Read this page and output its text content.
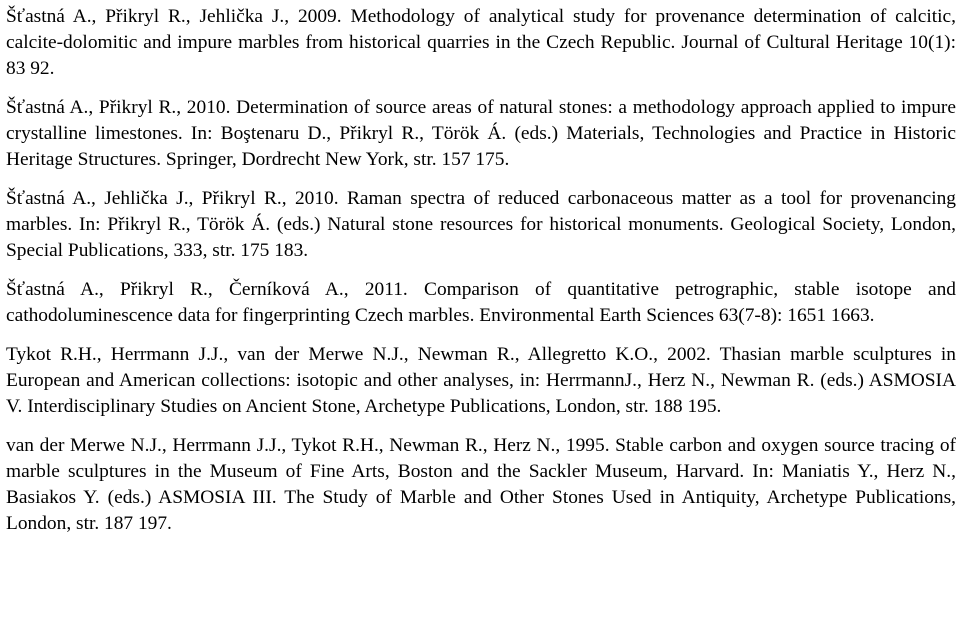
Šťastná A., Přikryl R., Jehlička J., 2009. Methodology of analytical study for provenance determination of calcitic, calcite-dolomitic and impure marbles from historical quarries in the Czech Republic. Journal of Cultural Heritage 10(1): 83 92.

Šťastná A., Přikryl R., 2010. Determination of source areas of natural stones: a methodology approach applied to impure crystalline limestones. In: Boştenaru D., Přikryl R., Török Á. (eds.) Materials, Technologies and Practice in Historic Heritage Structures. Springer, Dordrecht New York, str. 157 175.

Šťastná A., Jehlička J., Přikryl R., 2010. Raman spectra of reduced carbonaceous matter as a tool for provenancing marbles. In: Přikryl R., Török Á. (eds.) Natural stone resources for historical monuments. Geological Society, London, Special Publications, 333, str. 175 183.

Šťastná A., Přikryl R., Černíková A., 2011. Comparison of quantitative petrographic, stable isotope and cathodoluminescence data for fingerprinting Czech marbles. Environmental Earth Sciences 63(7-8): 1651 1663.

Tykot R.H., Herrmann J.J., van der Merwe N.J., Newman R., Allegretto K.O., 2002. Thasian marble sculptures in European and American collections: isotopic and other analyses, in: HerrmannJ., Herz N., Newman R. (eds.) ASMOSIA V. Interdisciplinary Studies on Ancient Stone, Archetype Publications, London, str. 188 195.

van der Merwe N.J., Herrmann J.J., Tykot R.H., Newman R., Herz N., 1995. Stable carbon and oxygen source tracing of marble sculptures in the Museum of Fine Arts, Boston and the Sackler Museum, Harvard. In: Maniatis Y., Herz N., Basiakos Y. (eds.) ASMOSIA III. The Study of Marble and Other Stones Used in Antiquity, Archetype Publications, London, str. 187 197.
